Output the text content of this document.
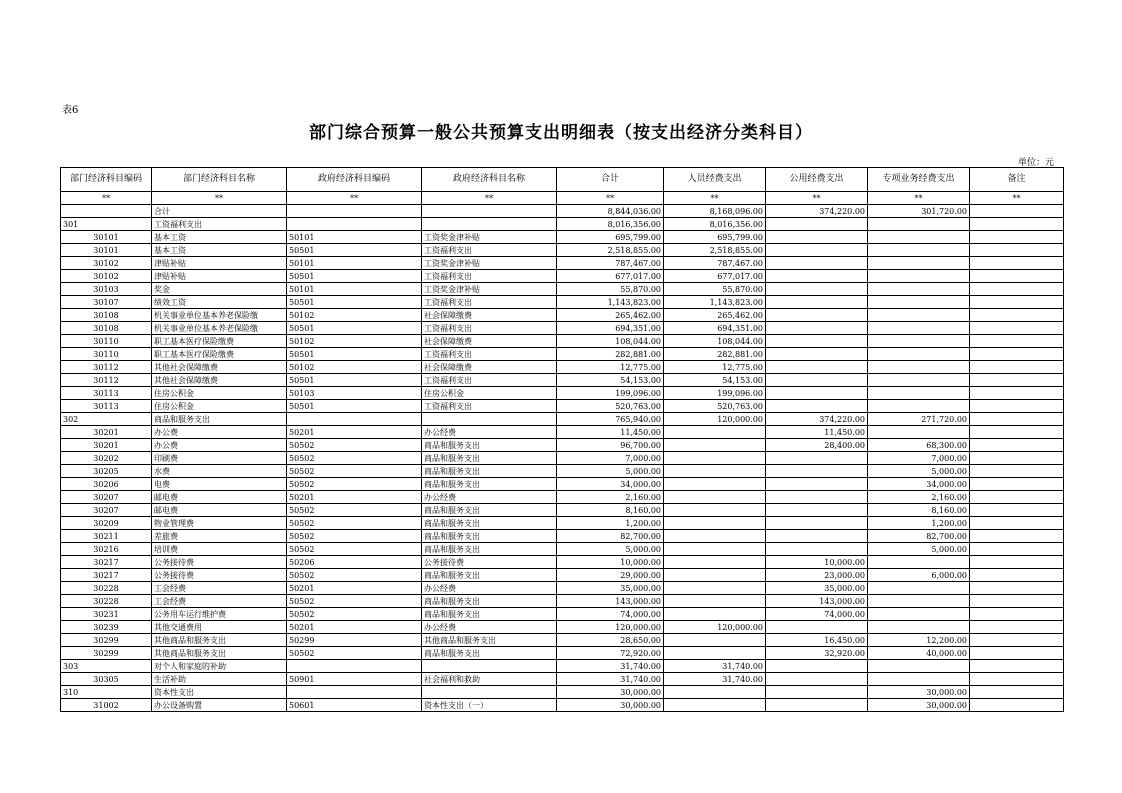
表6
部门综合预算一般公共预算支出明细表（按支出经济分类科目）
单位：元
部门经济科目编码	部门经济科目名称	政府经济科目编码	政府经济科目名称	合计	人员经费支出	公用经费支出	专项业务经费支出	备注
**	**	**	**	**	**	**	**	**
	合计			8,844,036.00	8,168,096.00	374,220.00	301,720.00	
301	工资福利支出			8,016,356.00	8,016,356.00			
30101	基本工资	50101	工资奖金津补贴	695,799.00	695,799.00			
30101	基本工资	50501	工资福利支出	2,518,855.00	2,518,855.00			
30102	津贴补贴	50101	工资奖金津补贴	787,467.00	787,467.00			
30102	津贴补贴	50501	工资福利支出	677,017.00	677,017.00			
30103	奖金	50101	工资奖金津补贴	55,870.00	55,870.00			
30107	绩效工资	50501	工资福利支出	1,143,823.00	1,143,823.00			
30108	机关事业单位基本养老保险缴	50102	社会保障缴费	265,462.00	265,462.00			
30108	机关事业单位基本养老保险缴	50501	工资福利支出	694,351.00	694,351.00			
30110	职工基本医疗保险缴费	50102	社会保障缴费	108,044.00	108,044.00			
30110	职工基本医疗保险缴费	50501	工资福利支出	282,881.00	282,881.00			
30112	其他社会保障缴费	50102	社会保障缴费	12,775.00	12,775.00			
30112	其他社会保障缴费	50501	工资福利支出	54,153.00	54,153.00			
30113	住房公积金	50103	住房公积金	199,096.00	199,096.00			
30113	住房公积金	50501	工资福利支出	520,763.00	520,763.00			
302	商品和服务支出			765,940.00	120,000.00	374,220.00	271,720.00	
30201	办公费	50201	办公经费	11,450.00		11,450.00		
30201	办公费	50502	商品和服务支出	96,700.00		28,400.00	68,300.00	
30202	印刷费	50502	商品和服务支出	7,000.00			7,000.00	
30205	水费	50502	商品和服务支出	5,000.00			5,000.00	
30206	电费	50502	商品和服务支出	34,000.00			34,000.00	
30207	邮电费	50201	办公经费	2,160.00			2,160.00	
30207	邮电费	50502	商品和服务支出	8,160.00			8,160.00	
30209	物业管理费	50502	商品和服务支出	1,200.00			1,200.00	
30211	差旅费	50502	商品和服务支出	82,700.00			82,700.00	
30216	培训费	50502	商品和服务支出	5,000.00			5,000.00	
30217	公务接待费	50206	公务接待费	10,000.00		10,000.00		
30217	公务接待费	50502	商品和服务支出	29,000.00		23,000.00	6,000.00	
30228	工会经费	50201	办公经费	35,000.00		35,000.00		
30228	工会经费	50502	商品和服务支出	143,000.00		143,000.00		
30231	公务用车运行维护费	50502	商品和服务支出	74,000.00		74,000.00		
30239	其他交通费用	50201	办公经费	120,000.00	120,000.00			
30299	其他商品和服务支出	50299	其他商品和服务支出	28,650.00		16,450.00	12,200.00	
30299	其他商品和服务支出	50502	商品和服务支出	72,920.00		32,920.00	40,000.00	
303	对个人和家庭的补助			31,740.00	31,740.00			
30305	生活补助	50901	社会福利和救助	31,740.00	31,740.00			
310	资本性支出			30,000.00			30,000.00	
31002	办公设备购置	50601	资本性支出（一）	30,000.00			30,000.00	
